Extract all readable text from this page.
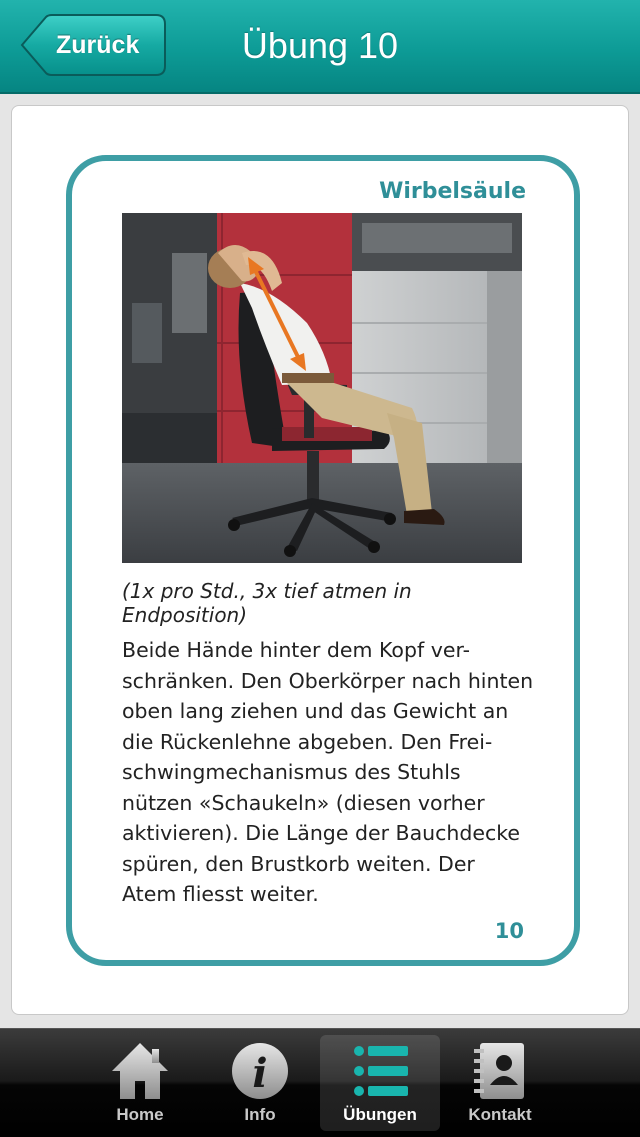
Zurück	Übung 10
Wirbelsäule
(1x pro Std., 3x tief atmen in Endposition)
Beide Hände hinter dem Kopf ver-
schränken. Den Oberkörper nach hinten
oben lang ziehen und das Gewicht an
die Rückenlehne abgeben. Den Frei-
schwingmechanismus des Stuhls
nützen «Schaukeln» (diesen vorher
aktivieren). Die Länge der Bauchdecke
spüren, den Brustkorb weiten. Der
Atem fliesst weiter.
10
Home
i
Info	Übungen	Kontakt
